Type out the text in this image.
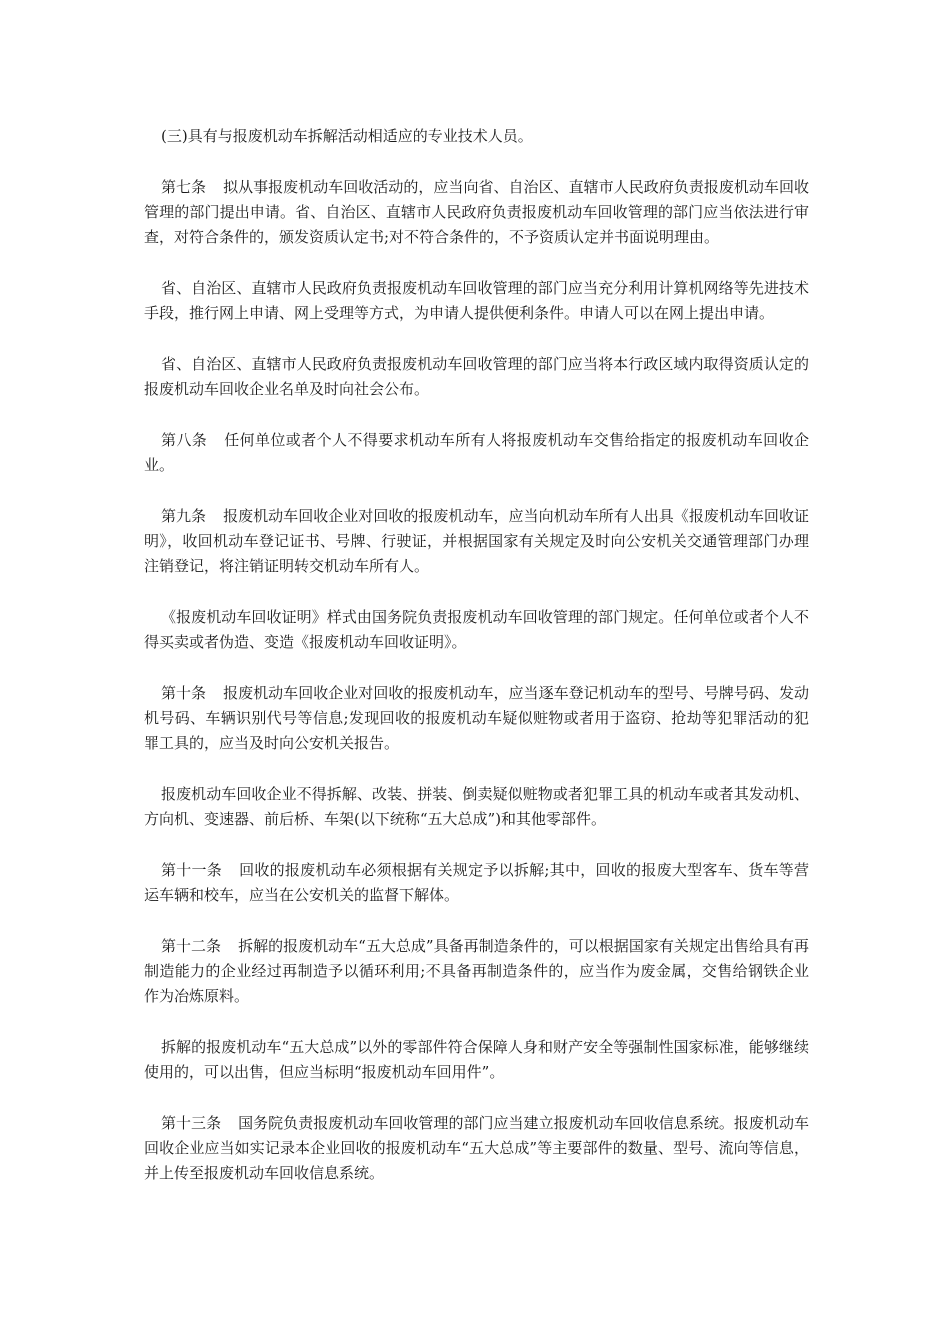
(三)具有与报废机动车拆解活动相适应的专业技术人员。

第七条 拟从事报废机动车回收活动的，应当向省、自治区、直辖市人民政府负责报废机动车回收管理的部门提出申请。省、自治区、直辖市人民政府负责报废机动车回收管理的部门应当依法进行审查，对符合条件的，颁发资质认定书;对不符合条件的，不予资质认定并书面说明理由。

省、自治区、直辖市人民政府负责报废机动车回收管理的部门应当充分利用计算机网络等先进技术手段，推行网上申请、网上受理等方式，为申请人提供便利条件。申请人可以在网上提出申请。

省、自治区、直辖市人民政府负责报废机动车回收管理的部门应当将本行政区域内取得资质认定的报废机动车回收企业名单及时向社会公布。

第八条 任何单位或者个人不得要求机动车所有人将报废机动车交售给指定的报废机动车回收企业。

第九条 报废机动车回收企业对回收的报废机动车，应当向机动车所有人出具《报废机动车回收证明》，收回机动车登记证书、号牌、行驶证，并根据国家有关规定及时向公安机关交通管理部门办理注销登记，将注销证明转交机动车所有人。

《报废机动车回收证明》样式由国务院负责报废机动车回收管理的部门规定。任何单位或者个人不得买卖或者伪造、变造《报废机动车回收证明》。

第十条 报废机动车回收企业对回收的报废机动车，应当逐车登记机动车的型号、号牌号码、发动机号码、车辆识别代号等信息;发现回收的报废机动车疑似赃物或者用于盗窃、抢劫等犯罪活动的犯罪工具的，应当及时向公安机关报告。

报废机动车回收企业不得拆解、改装、拼装、倒卖疑似赃物或者犯罪工具的机动车或者其发动机、方向机、变速器、前后桥、车架(以下统称“五大总成”)和其他零部件。

第十一条 回收的报废机动车必须根据有关规定予以拆解;其中，回收的报废大型客车、货车等营运车辆和校车，应当在公安机关的监督下解体。

第十二条 拆解的报废机动车“五大总成”具备再制造条件的，可以根据国家有关规定出售给具有再制造能力的企业经过再制造予以循环利用;不具备再制造条件的，应当作为废金属，交售给钢铁企业作为冶炼原料。

拆解的报废机动车“五大总成”以外的零部件符合保障人身和财产安全等强制性国家标准，能够继续使用的，可以出售，但应当标明“报废机动车回用件”。

第十三条 国务院负责报废机动车回收管理的部门应当建立报废机动车回收信息系统。报废机动车回收企业应当如实记录本企业回收的报废机动车“五大总成”等主要部件的数量、型号、流向等信息，并上传至报废机动车回收信息系统。
